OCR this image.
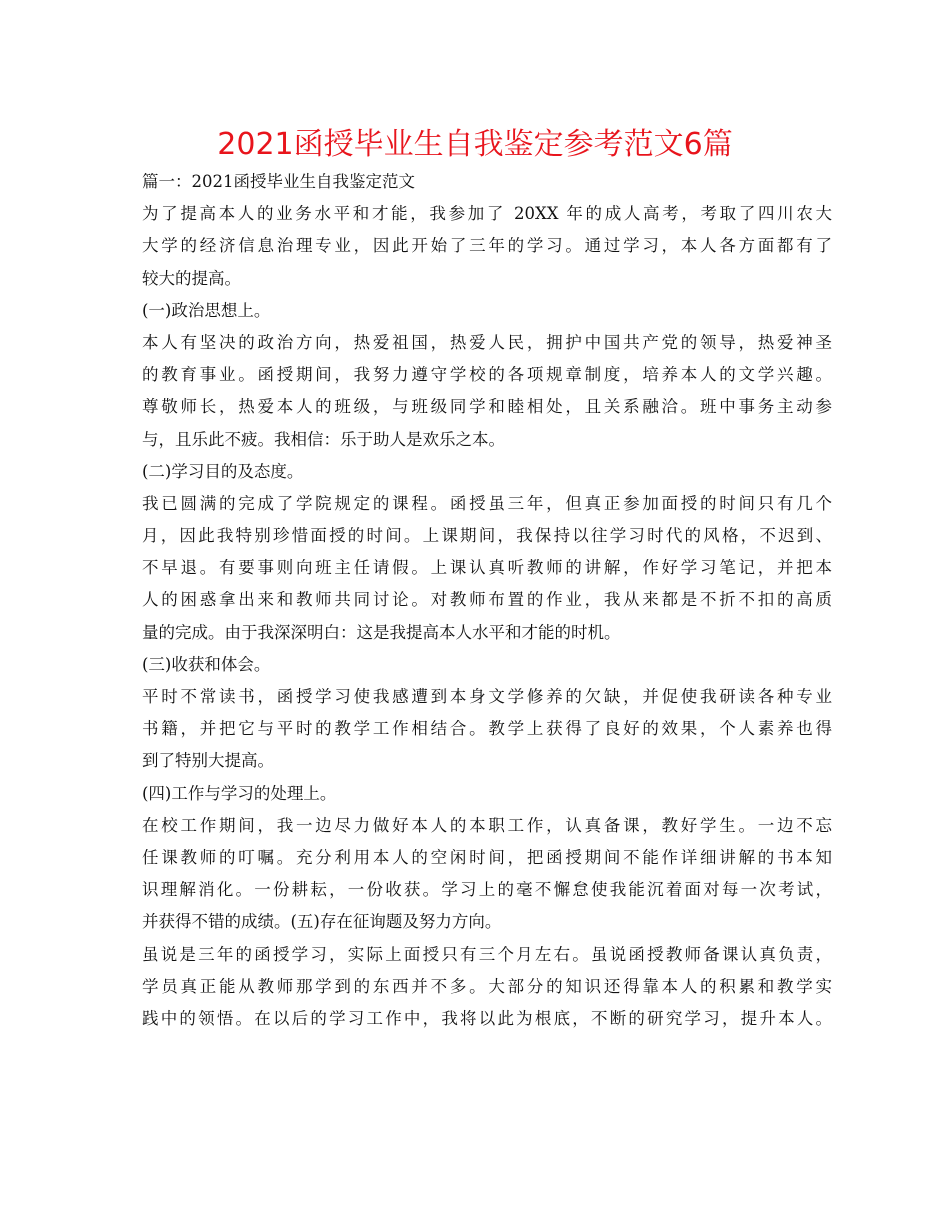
2021函授毕业生自我鉴定参考范文6篇
篇一：2021函授毕业生自我鉴定范文
为了提高本人的业务水平和才能，我参加了 20XX 年的成人高考，考取了四川农大
大学的经济信息治理专业，因此开始了三年的学习。通过学习，本人各方面都有了
较大的提高。
(一)政治思想上。
本人有坚决的政治方向，热爱祖国，热爱人民，拥护中国共产党的领导，热爱神圣
的教育事业。函授期间，我努力遵守学校的各项规章制度，培养本人的文学兴趣。
尊敬师长，热爱本人的班级，与班级同学和睦相处，且关系融洽。班中事务主动参
与，且乐此不疲。我相信：乐于助人是欢乐之本。
(二)学习目的及态度。
我已圆满的完成了学院规定的课程。函授虽三年，但真正参加面授的时间只有几个
月，因此我特别珍惜面授的时间。上课期间，我保持以往学习时代的风格，不迟到、
不早退。有要事则向班主任请假。上课认真听教师的讲解，作好学习笔记，并把本
人的困惑拿出来和教师共同讨论。对教师布置的作业，我从来都是不折不扣的高质
量的完成。由于我深深明白：这是我提高本人水平和才能的时机。
(三)收获和体会。
平时不常读书，函授学习使我感遭到本身文学修养的欠缺，并促使我研读各种专业
书籍，并把它与平时的教学工作相结合。教学上获得了良好的效果，个人素养也得
到了特别大提高。
(四)工作与学习的处理上。
在校工作期间，我一边尽力做好本人的本职工作，认真备课，教好学生。一边不忘
任课教师的叮嘱。充分利用本人的空闲时间，把函授期间不能作详细讲解的书本知
识理解消化。一份耕耘，一份收获。学习上的毫不懈怠使我能沉着面对每一次考试，
并获得不错的成绩。(五)存在征询题及努力方向。
虽说是三年的函授学习，实际上面授只有三个月左右。虽说函授教师备课认真负责，
学员真正能从教师那学到的东西并不多。大部分的知识还得靠本人的积累和教学实
践中的领悟。在以后的学习工作中，我将以此为根底，不断的研究学习，提升本人。
